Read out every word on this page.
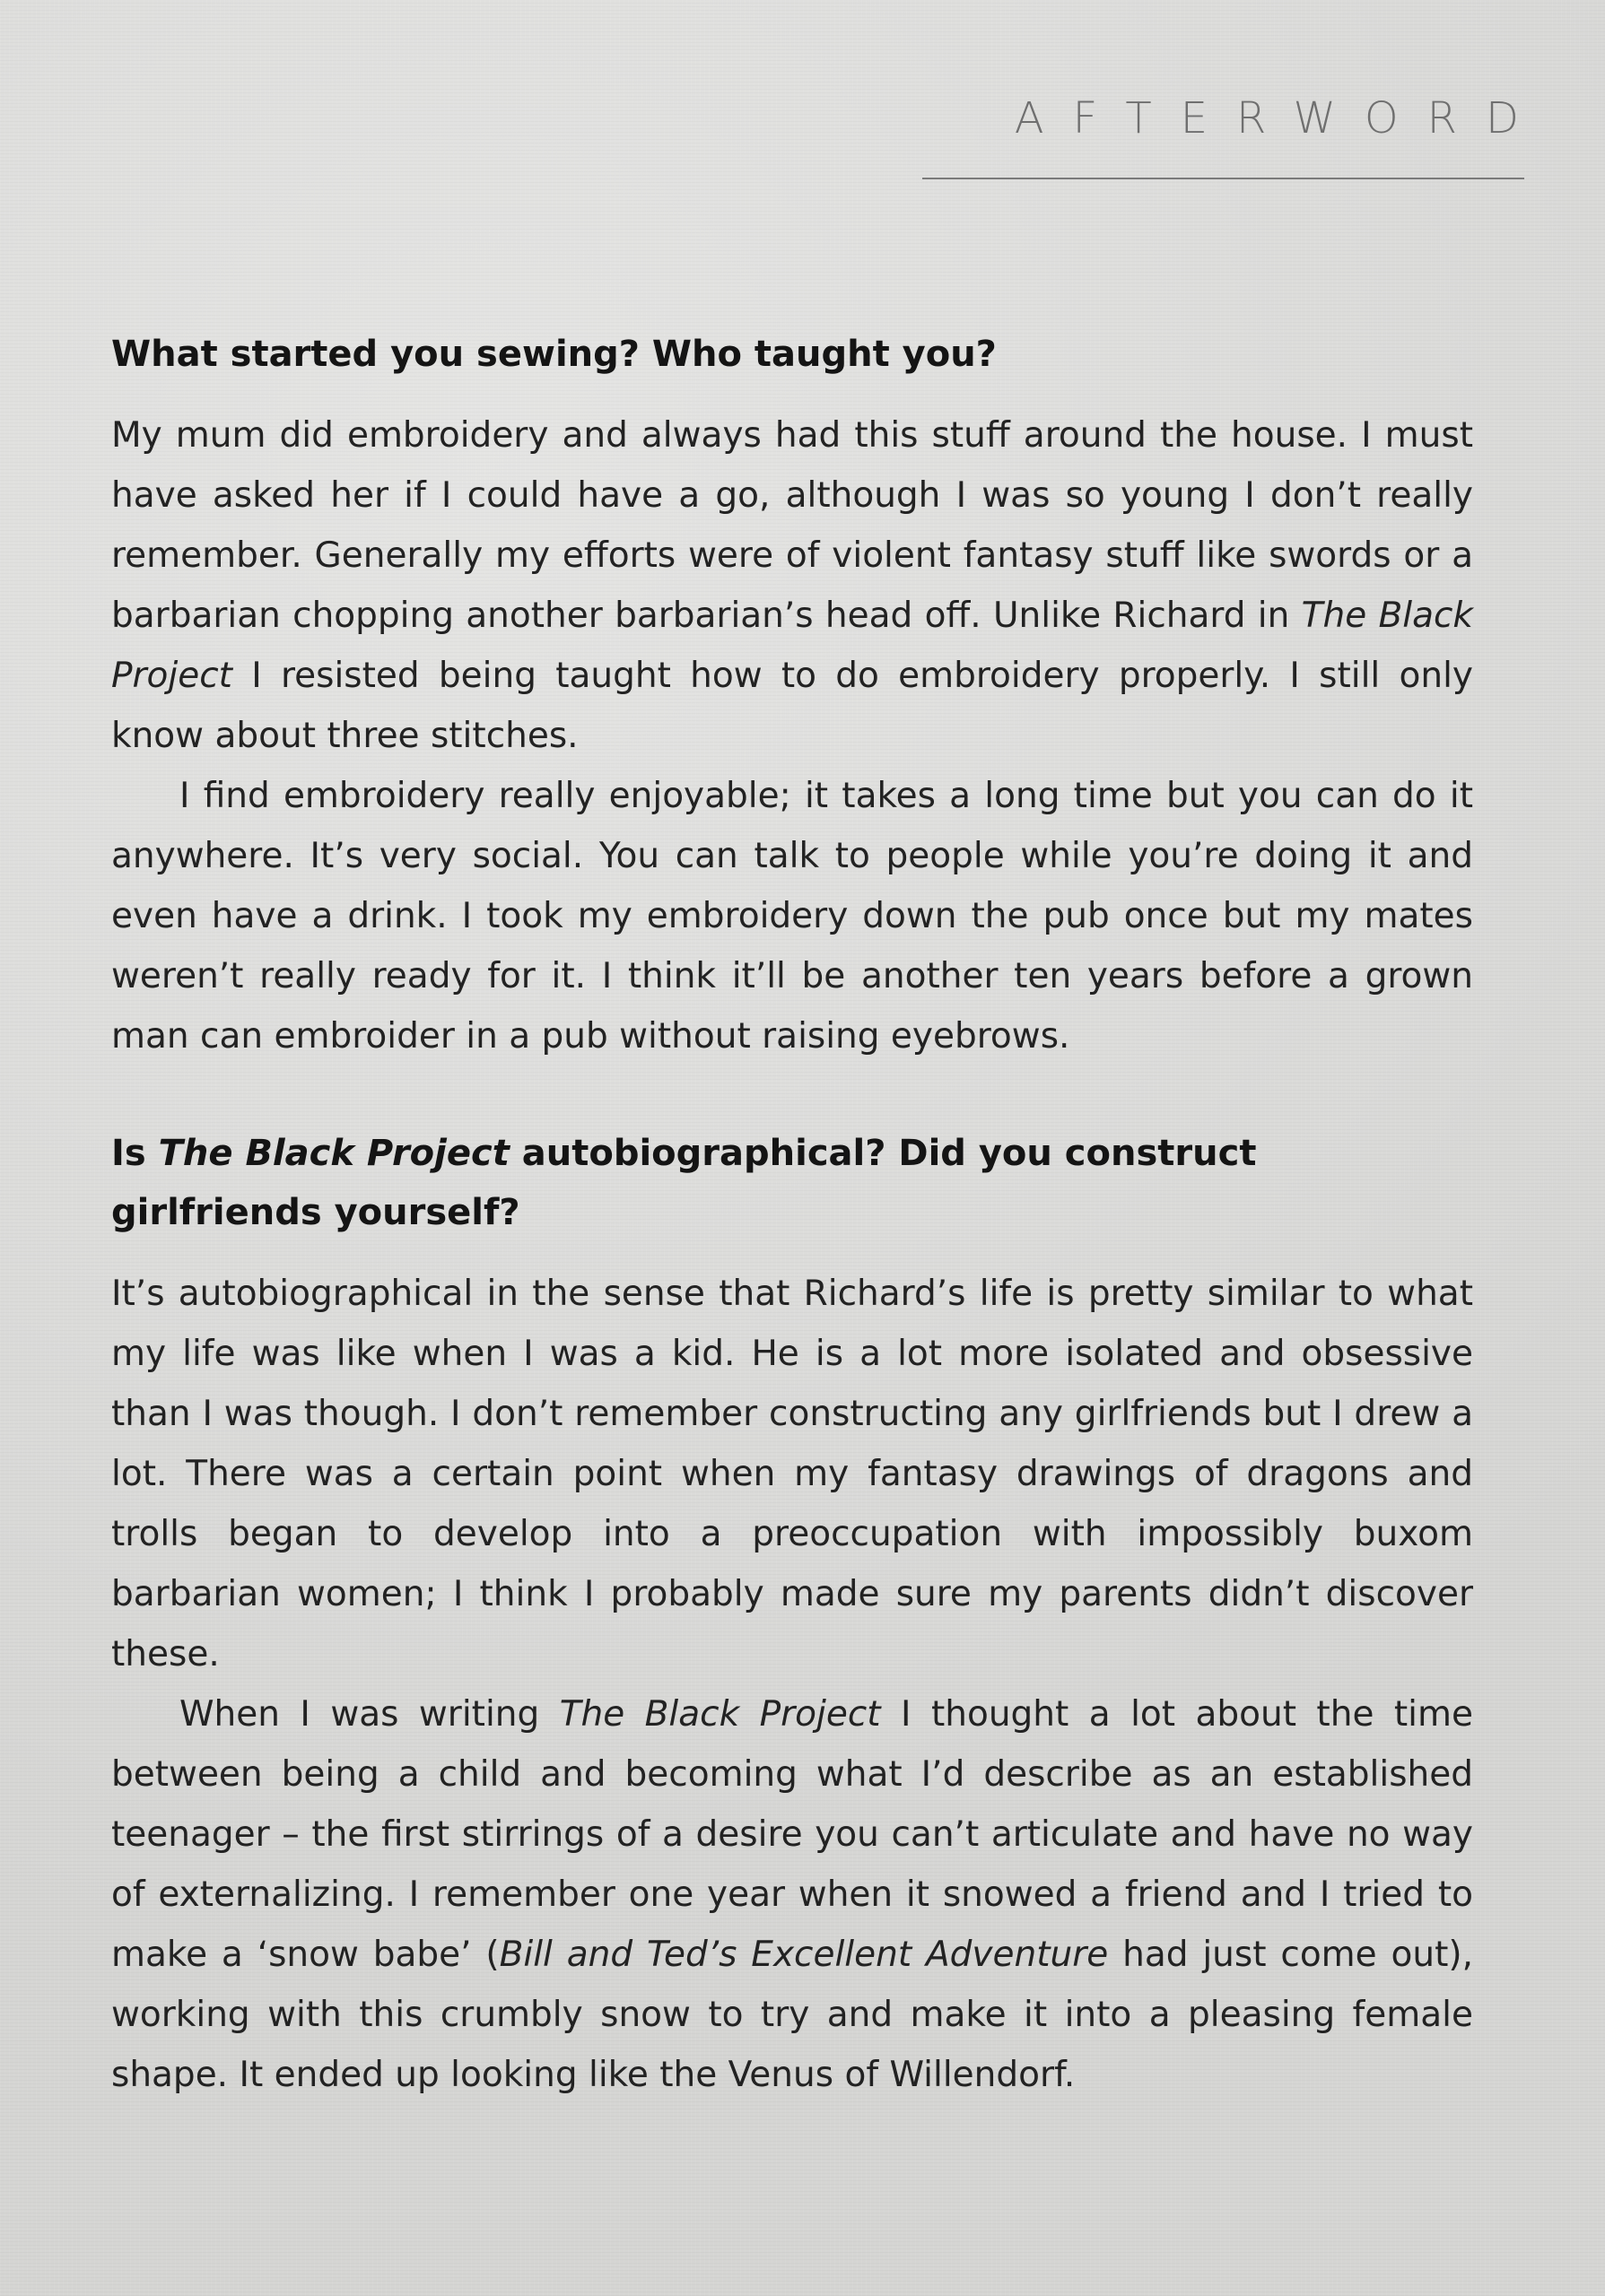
AFTERWORD
What started you sewing? Who taught you?

My mum did embroidery and always had this stuff around the house. I must have asked her if I could have a go, although I was so young I don’t really remember. Generally my efforts were of violent fantasy stuff like swords or a barbarian chopping another barbarian’s head off. Unlike Richard in The Black Project I resisted being taught how to do embroidery properly. I still only know about three stitches.

I find embroidery really enjoyable; it takes a long time but you can do it anywhere. It’s very social. You can talk to people while you’re doing it and even have a drink. I took my embroidery down the pub once but my mates weren’t really ready for it. I think it’ll be another ten years before a grown man can embroider in a pub without raising eyebrows.

Is The Black Project autobiographical? Did you construct girlfriends yourself?

It’s autobiographical in the sense that Richard’s life is pretty similar to what my life was like when I was a kid. He is a lot more isolated and obsessive than I was though. I don’t remember constructing any girlfriends but I drew a lot. There was a certain point when my fantasy drawings of dragons and trolls began to develop into a preoccupation with impossibly buxom barbarian women; I think I probably made sure my parents didn’t discover these.

When I was writing The Black Project I thought a lot about the time between being a child and becoming what I’d describe as an established teenager – the first stirrings of a desire you can’t articulate and have no way of externalizing. I remember one year when it snowed a friend and I tried to make a ‘snow babe’ (Bill and Ted’s Excellent Adventure had just come out), working with this crumbly snow to try and make it into a pleasing female shape. It ended up looking like the Venus of Willendorf.
